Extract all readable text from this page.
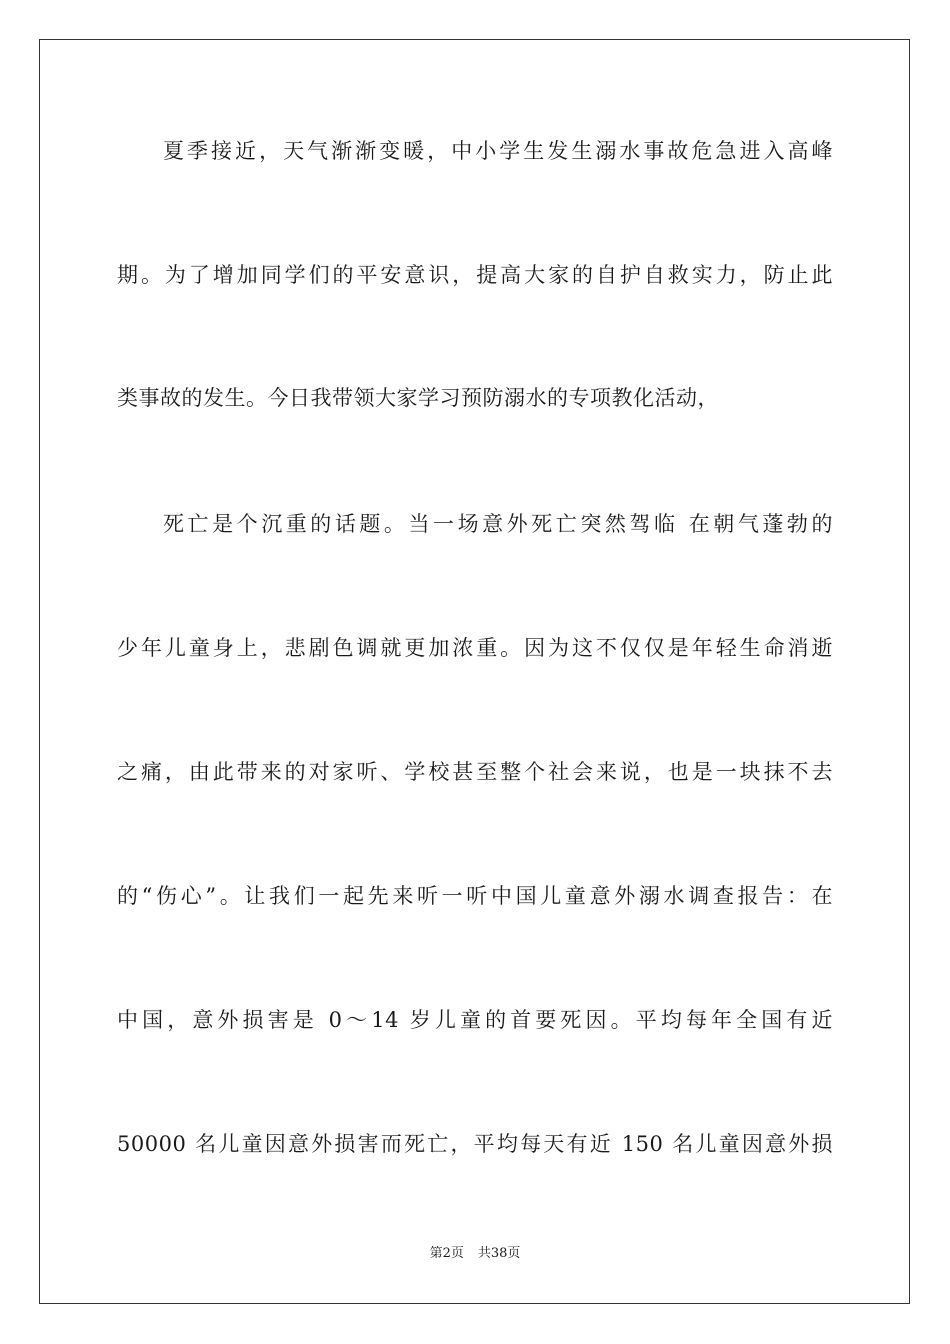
夏季接近，天气渐渐变暖，中小学生发生溺水事故危急进入高峰

期。为了增加同学们的平安意识，提高大家的自护自救实力，防止此

类事故的发生。今日我带领大家学习预防溺水的专项教化活动，

死亡是个沉重的话题。当一场意外死亡突然驾临 在朝气蓬勃的

少年儿童身上，悲剧色调就更加浓重。因为这不仅仅是年轻生命消逝

之痛，由此带来的对家听、学校甚至整个社会来说，也是一块抹不去

的“伤心”。让我们一起先来听一听中国儿童意外溺水调查报告：在

中国，意外损害是 0～14 岁儿童的首要死因。平均每年全国有近

50000 名儿童因意外损害而死亡，平均每天有近 150 名儿童因意外损

第2页 共38页
